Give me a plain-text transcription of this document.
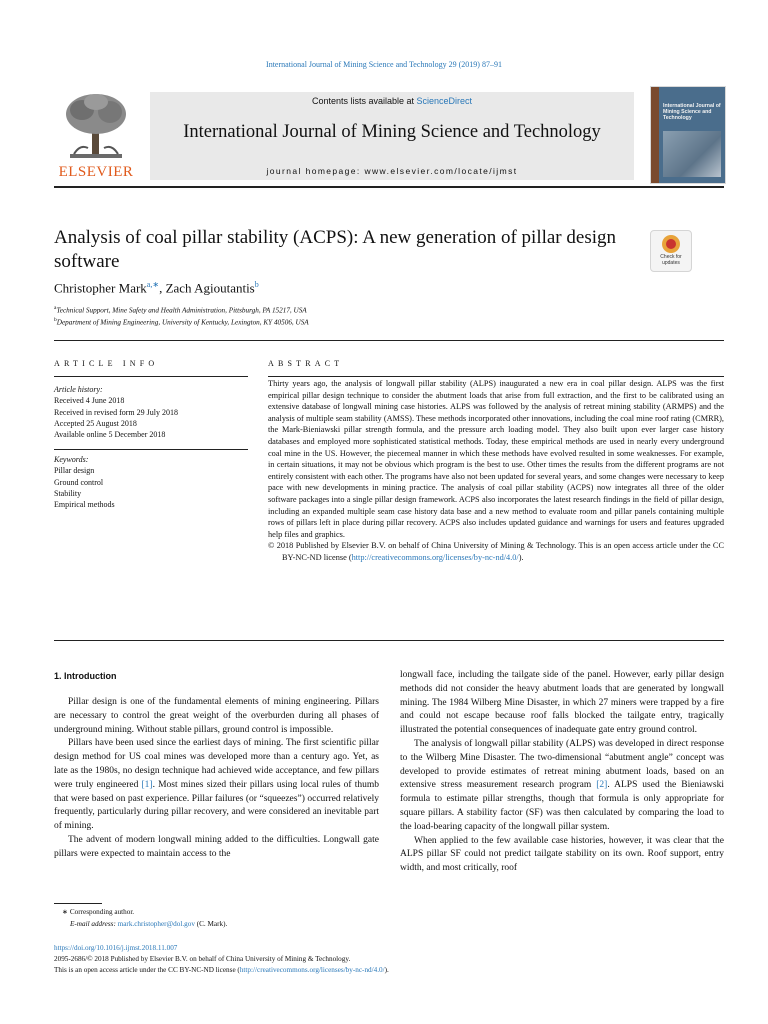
International Journal of Mining Science and Technology 29 (2019) 87–91
ELSEVIER
Contents lists available at ScienceDirect
International Journal of Mining Science and Technology
journal homepage: www.elsevier.com/locate/ijmst
International Journal of Mining Science and Technology
Analysis of coal pillar stability (ACPS): A new generation of pillar design software	Check for updates
Christopher Mark$^{a,∗}$, Zach Agioutantis$^b$
$^a$Technical Support, Mine Safety and Health Administration, Pittsburgh, PA 15217, USA
$^b$Department of Mining Engineering, University of Kentucky, Lexington, KY 40506, USA
ARTICLE INFO
Article history:
Received 4 June 2018
Received in revised form 29 July 2018
Accepted 25 August 2018
Available online 5 December 2018
Keywords:
Pillar design
Ground control
Stability
Empirical methods
ABSTRACT

Thirty years ago, the analysis of longwall pillar stability (ALPS) inaugurated a new era in coal pillar design. ALPS was the first empirical pillar design technique to consider the abutment loads that arise from full extraction, and the first to be calibrated using an extensive database of longwall mining case histories. ALPS was followed by the analysis of retreat mining stability (ARMPS) and the analysis of multiple seam stability (AMSS). These methods incorporated other innovations, including the coal mine roof rating (CMRR), the Mark-Bieniawski pillar strength formula, and the pressure arch loading model. They also built upon ever larger case history databases and employed more sophisticated statistical methods. Today, these empirical methods are used in nearly every underground coal mine in the US. However, the piecemeal manner in which these methods have evolved resulted in some weaknesses. For example, in certain situations, it may not be obvious which program is the best to use. Other times the results from the different programs are not entirely consistent with each other. The programs have also not been updated for several years, and some changes were necessary to keep pace with new developments in mining practice. The analysis of coal pillar stability (ACPS) now integrates all three of the older software packages into a single pillar design framework. ACPS also incorporates the latest research findings in the field of pillar design, including an expanded multiple seam case history data base and a new method to evaluate room and pillar panels containing multiple rows of pillars left in place during pillar recovery. ACPS also includes updated guidance and warnings for users and features upgraded help files and graphics.

© 2018 Published by Elsevier B.V. on behalf of China University of Mining & Technology. This is an open access article under the CC BY-NC-ND license (http://creativecommons.org/licenses/by-nc-nd/4.0/).

1. Introduction

Pillar design is one of the fundamental elements of mining engineering. Pillars are necessary to control the great weight of the overburden during all phases of underground mining. Without stable pillars, ground control is impossible.

Pillars have been used since the earliest days of mining. The first scientific pillar design method for US coal mines was developed more than a century ago. Yet, as late as the 1980s, no design technique had achieved wide acceptance, and few pillars were truly engineered [1]. Most mines sized their pillars using local rules of thumb that were based on past experience. Pillar failures (or “squeezes”) occurred relatively frequently, particularly during pillar recovery, and were considered an inevitable part of mining.

The advent of modern longwall mining added to the difficulties. Longwall gate pillars were expected to maintain access to the

∗ Corresponding author.
E-mail address: mark.christopher@dol.gov (C. Mark).

longwall face, including the tailgate side of the panel. However, early pillar design methods did not consider the heavy abutment loads that are generated by longwall mining. The 1984 Wilberg Mine Disaster, in which 27 miners were trapped by a fire and could not escape because roof falls blocked the tailgate entry, tragically illustrated the potential consequences of inadequate gate entry ground control.

The analysis of longwall pillar stability (ALPS) was developed in direct response to the Wilberg Mine Disaster. The two-dimensional “abutment angle” concept was developed to provide estimates of retreat mining abutment loads, based on an extensive stress measurement research program [2]. ALPS used the Bieniawski formula to estimate pillar strengths, though that formula is only appropriate for square pillars. A stability factor (SF) was then calculated by comparing the load to the load-bearing capacity of the longwall pillar system.

When applied to the few available case histories, however, it was clear that the ALPS pillar SF could not predict tailgate stability on its own. Roof support, entry width, and most critically, roof

https://doi.org/10.1016/j.ijmst.2018.11.007
2095-2686/© 2018 Published by Elsevier B.V. on behalf of China University of Mining & Technology.
This is an open access article under the CC BY-NC-ND license (http://creativecommons.org/licenses/by-nc-nd/4.0/).
